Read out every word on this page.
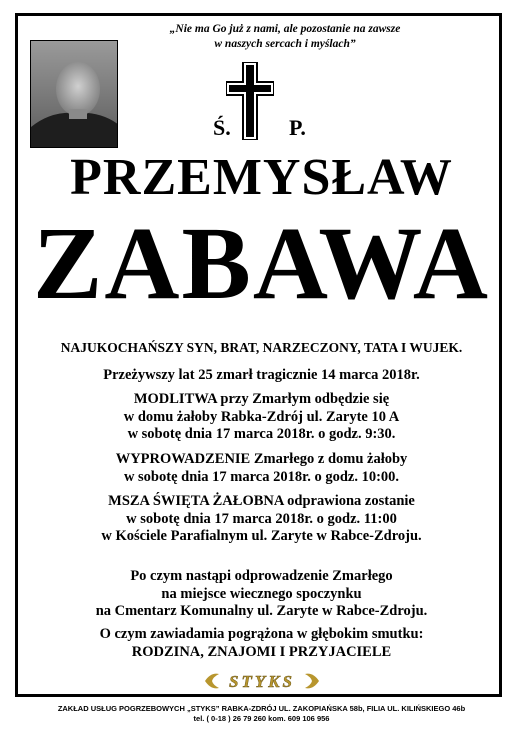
„Nie ma Go już z nami, ale pozostanie na zawsze
w naszych sercach i myślach”
Ś.	P.
PRZEMYSŁAW
ZABAWA
NAJUKOCHAŃSZY SYN, BRAT, NARZECZONY, TATA I WUJEK.
Przeżywszy lat 25 zmarł tragicznie 14 marca 2018r.
MODLITWA przy Zmarłym odbędzie się
w domu żałoby Rabka-Zdrój ul. Zaryte 10 A
w sobotę dnia 17 marca 2018r. o godz. 9:30.
WYPROWADZENIE Zmarłego z domu żałoby
w sobotę dnia 17 marca 2018r. o godz. 10:00.
MSZA ŚWIĘTA ŻAŁOBNA odprawiona zostanie
w sobotę dnia 17 marca 2018r. o godz. 11:00
w Kościele Parafialnym ul. Zaryte w Rabce-Zdroju.
Po czym nastąpi odprowadzenie Zmarłego
na miejsce wiecznego spoczynku
na Cmentarz Komunalny ul. Zaryte w Rabce-Zdroju.
O czym zawiadamia pogrążona w głębokim smutku:
RODZINA, ZNAJOMI I PRZYJACIELE
STYKS
ZAKŁAD USŁUG POGRZEBOWYCH „STYKS” RABKA-ZDRÓJ UL. ZAKOPIAŃSKA 58b, FILIA UL. KILIŃSKIEGO 46b
tel. ( 0-18 ) 26 79 260 kom. 609 106 956
